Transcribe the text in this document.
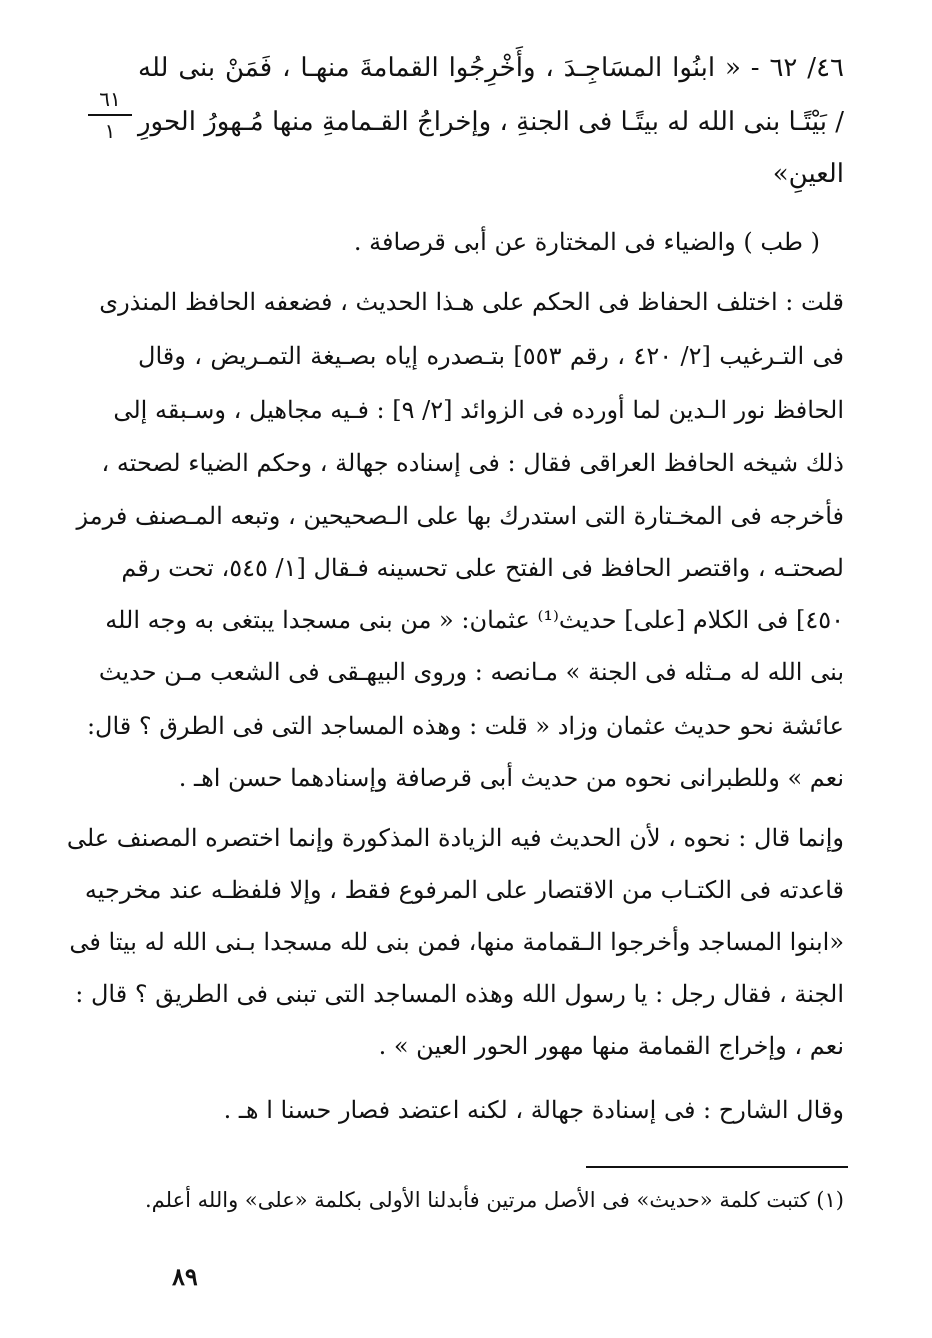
٤٦/ ٦٢ - « ابنُوا المسَاجِـدَ ، وأَخْرِجُوا القمامةَ منهـا ، فَمَنْ بنى لله
/ بَيْتًـا بنى الله له بيتًـا فى الجنةِ ، وإخراجُ القـمامةِ منها مُـهورُ الحورِ
العينِ»
٦١
١
( طب ) والضياء فى المختارة عن أبى قرصافة .
قلت : اختلف الحفاظ فى الحكم على هـذا الحديث ، فضعفه الحافظ المنذرى
فى التـرغيب [٢/ ٤٢٠ ، رقم ٥٥٣] بتـصدره إياه بصـيغة التمـريض ، وقال
الحافظ نور الـدين لما أورده فى الزوائد [٢/ ٩] : فـيه مجاهيل ، وسـبقه إلى
ذلك شيخه الحافظ العراقى فقال : فى إسناده جهالة ، وحكم الضياء لصحته ،
فأخرجه فى المخـتارة التى استدرك بها على الـصحيحين ، وتبعه المـصنف فرمز
لصحتـه ، واقتصر الحافظ فى الفتح على تحسينه فـقال [١/ ٥٤٥، تحت رقم
٤٥٠] فى الكلام [على] حديث⁽¹⁾ عثمان: « من بنى مسجدا يبتغى به وجه الله
بنى الله له مـثله فى الجنة » مـانصه : وروى البيهـقى فى الشعب مـن حديث
عائشة نحو حديث عثمان وزاد « قلت : وهذه المساجد التى فى الطرق ؟ قال:
نعم » وللطبرانى نحوه من حديث أبى قرصافة وإسنادهما حسن اهـ .
وإنما قال : نحوه ، لأن الحديث فيه الزيادة المذكورة وإنما اختصره المصنف على
قاعدته فى الكتـاب من الاقتصار على المرفوع فقط ، وإلا فلفظـه عند مخرجيه
«ابنوا المساجد وأخرجوا الـقمامة منها، فمن بنى لله مسجدا بـنى الله له بيتا فى
الجنة ، فقال رجل : يا رسول الله وهذه المساجد التى تبنى فى الطريق ؟ قال :
نعم ، وإخراج القمامة منها مهور الحور العين » .
وقال الشارح : فى إسنادة جهالة ، لكنه اعتضد فصار حسنا ا هـ .
(١) كتبت كلمة «حديث» فى الأصل مرتين فأبدلنا الأولى بكلمة «على» والله أعلم.
٨٩
